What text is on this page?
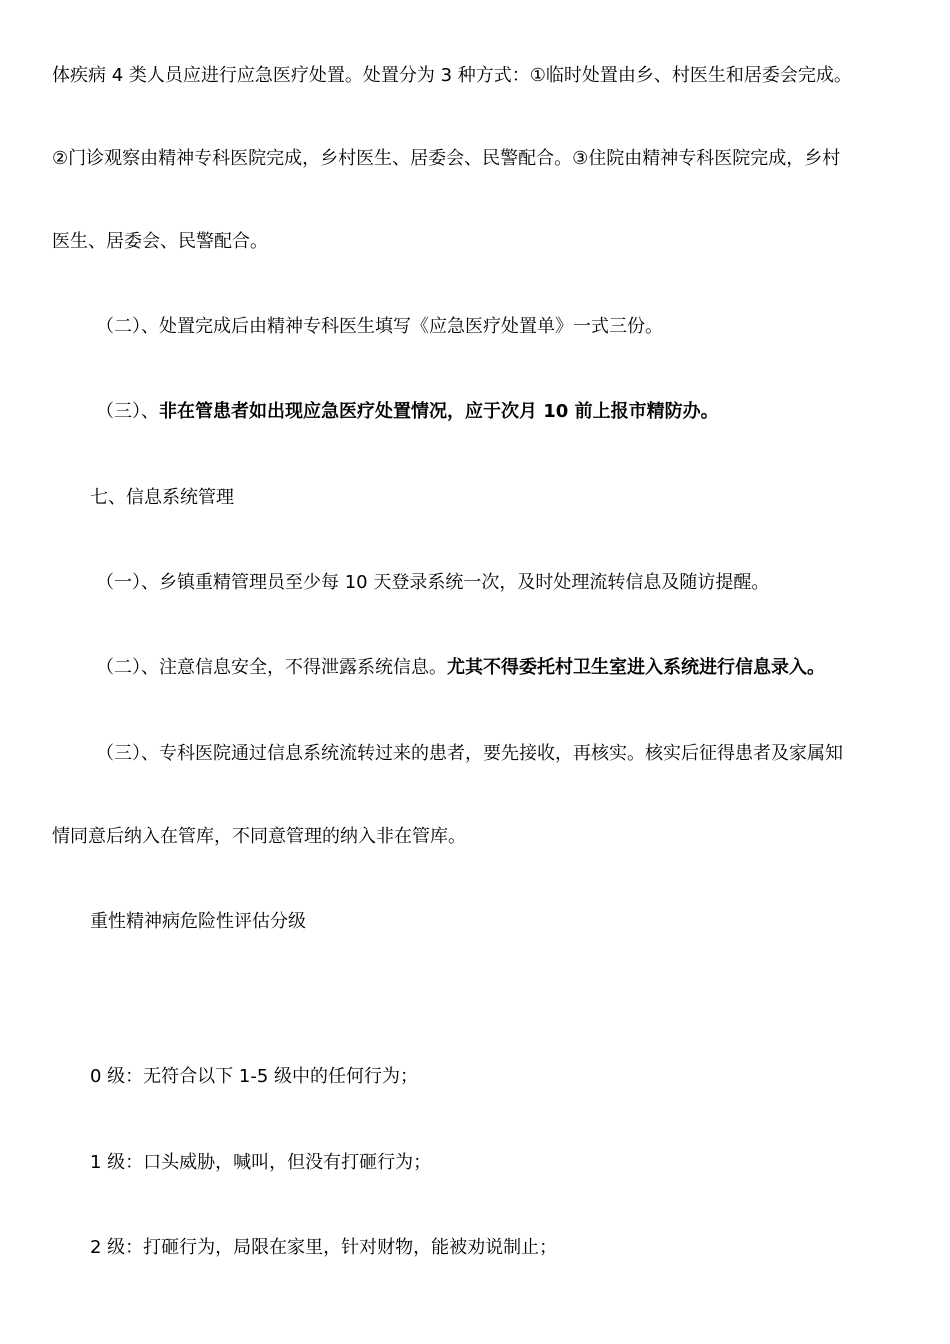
体疾病 4 类人员应进行应急医疗处置。处置分为 3 种方式：①临时处置由乡、村医生和居委会完成。
②门诊观察由精神专科医院完成，乡村医生、居委会、民警配合。③住院由精神专科医院完成，乡村
医生、居委会、民警配合。
（二）、处置完成后由精神专科医生填写《应急医疗处置单》一式三份。
（三）、非在管患者如出现应急医疗处置情况，应于次月 10 前上报市精防办。
七、信息系统管理
（一）、乡镇重精管理员至少每 10 天登录系统一次，及时处理流转信息及随访提醒。
（二）、注意信息安全，不得泄露系统信息。尤其不得委托村卫生室进入系统进行信息录入。
（三）、专科医院通过信息系统流转过来的患者，要先接收，再核实。核实后征得患者及家属知
情同意后纳入在管库，不同意管理的纳入非在管库。
重性精神病危险性评估分级
0 级：无符合以下 1-5 级中的任何行为；
1 级：口头威胁，喊叫，但没有打砸行为；
2 级：打砸行为，局限在家里，针对财物，能被劝说制止；
